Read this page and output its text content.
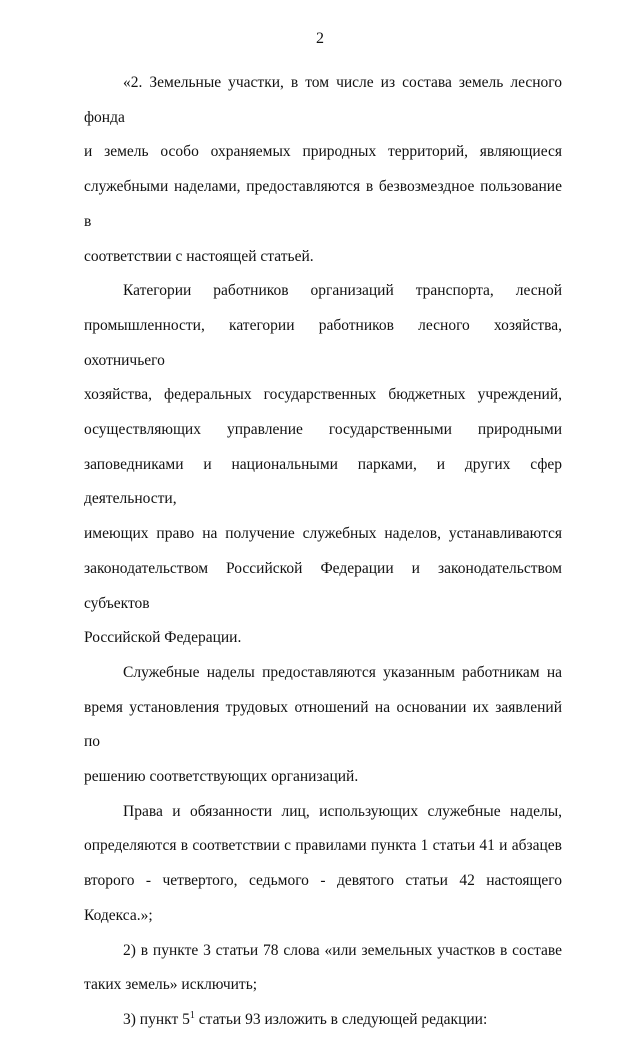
2

«2. Земельные участки, в том числе из состава земель лесного фонда
и земель особо охраняемых природных территорий, являющиеся
служебными наделами, предоставляются в безвозмездное пользование в
соответствии с настоящей статьей.

Категории работников организаций транспорта, лесной
промышленности, категории работников лесного хозяйства, охотничьего
хозяйства, федеральных государственных бюджетных учреждений,
осуществляющих управление государственными природными
заповедниками и национальными парками, и других сфер деятельности,
имеющих право на получение служебных наделов, устанавливаются
законодательством Российской Федерации и законодательством субъектов
Российской Федерации.

Служебные наделы предоставляются указанным работникам на
время установления трудовых отношений на основании их заявлений по
решению соответствующих организаций.

Права и обязанности лиц, использующих служебные наделы,
определяются в соответствии с правилами пункта 1 статьи 41 и абзацев
второго - четвертого, седьмого - девятого статьи 42 настоящего Кодекса.»;

2) в пункте 3 статьи 78 слова «или земельных участков в составе
таких земель» исключить;

3) пункт $5^1$ статьи 93 изложить в следующей редакции:
